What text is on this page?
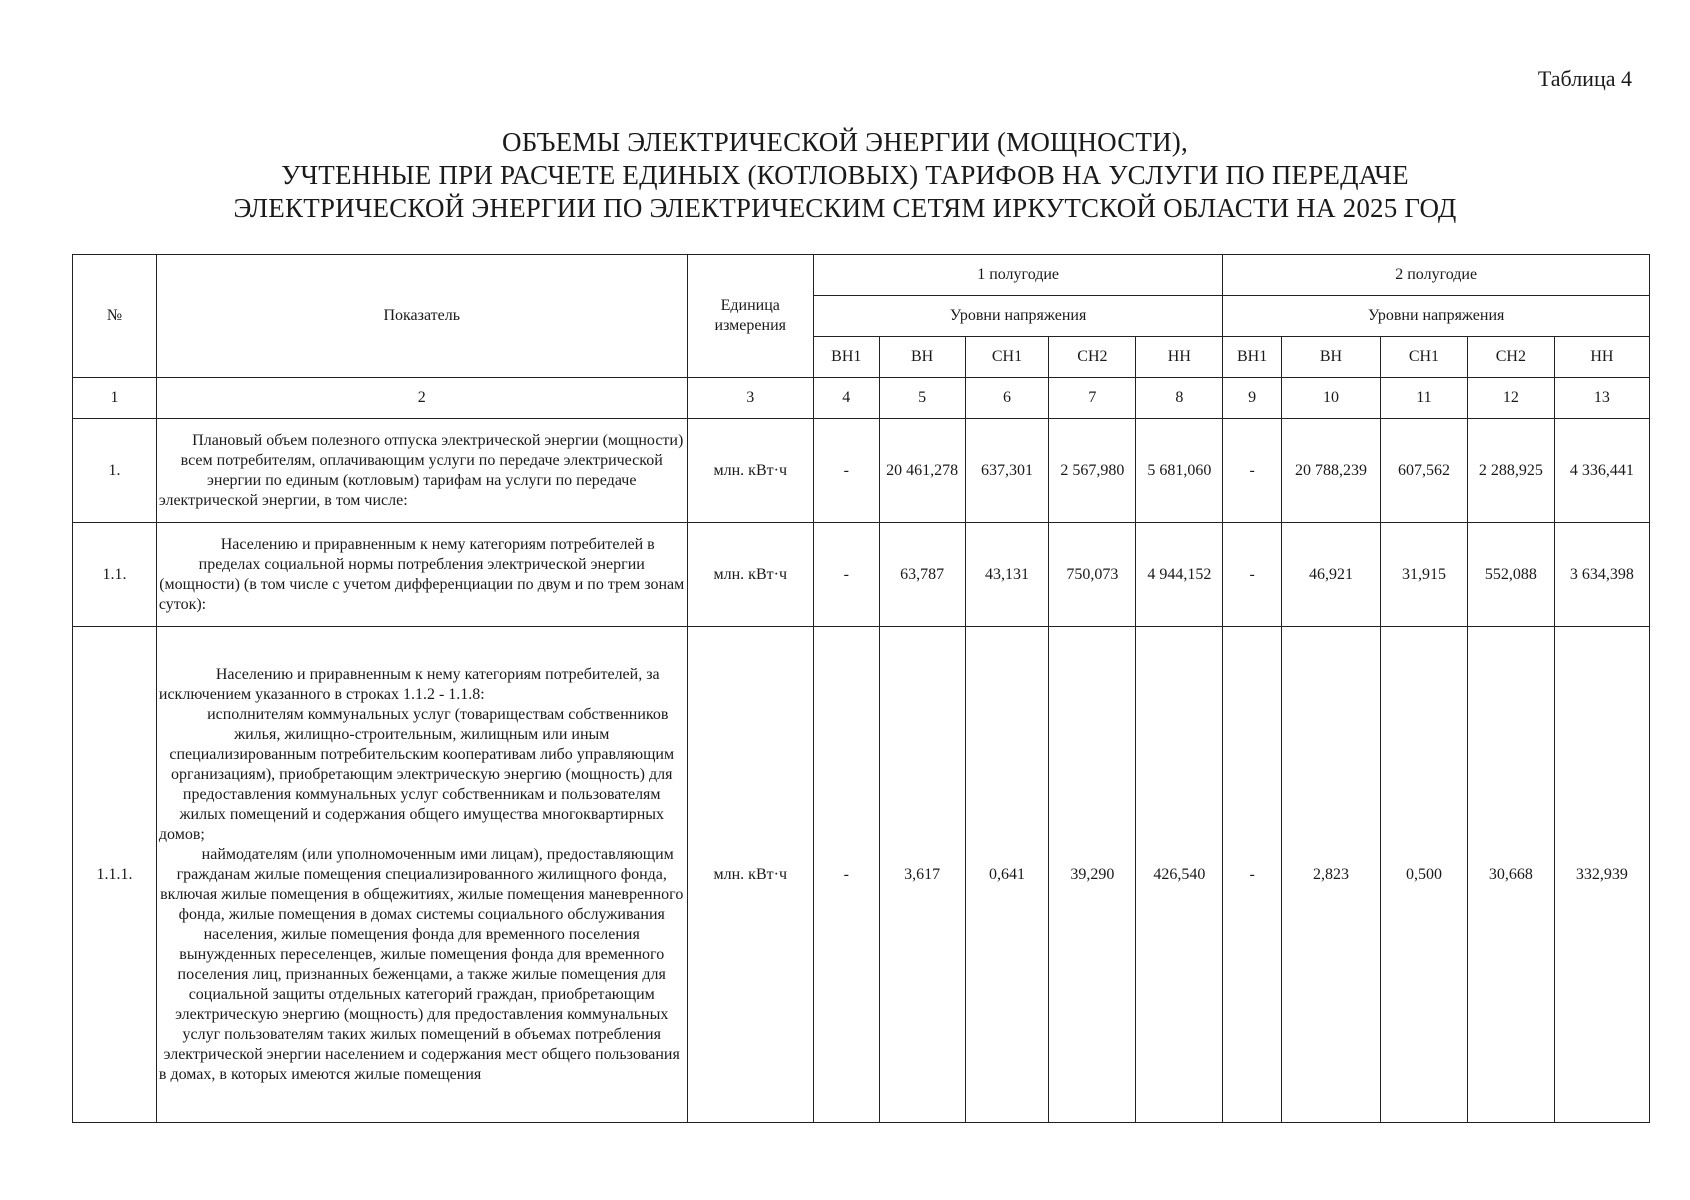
Таблица 4
ОБЪЕМЫ ЭЛЕКТРИЧЕСКОЙ ЭНЕРГИИ (МОЩНОСТИ),
УЧТЕННЫЕ ПРИ РАСЧЕТЕ ЕДИНЫХ (КОТЛОВЫХ) ТАРИФОВ НА УСЛУГИ ПО ПЕРЕДАЧЕ
ЭЛЕКТРИЧЕСКОЙ ЭНЕРГИИ ПО ЭЛЕКТРИЧЕСКИМ СЕТЯМ ИРКУТСКОЙ ОБЛАСТИ НА 2025 ГОД
№	Показатель	Единица измерения	1 полугодие					2 полугодие				
			Уровни напряжения					Уровни напряжения				
			ВН1	ВН	СН1	СН2	НН	ВН1	ВН	СН1	СН2	НН
1	2	3	4	5	6	7	8	9	10	11	12	13
1.	Плановый объем полезного отпуска электрической энергии (мощности) всем потребителям, оплачивающим услуги по передаче электрической энергии по единым (котловым) тарифам на услуги по передаче электрической энергии, в том числе:	млн. кВт·ч	-	20 461,278	637,301	2 567,980	5 681,060	-	20 788,239	607,562	2 288,925	4 336,441
1.1.	Населению и приравненным к нему категориям потребителей в пределах социальной нормы потребления электрической энергии (мощности) (в том числе с учетом дифференциации по двум и по трем зонам суток):	млн. кВт·ч	-	63,787	43,131	750,073	4 944,152	-	46,921	31,915	552,088	3 634,398
1.1.1.	Населению и приравненным к нему категориям потребителей, за исключением указанного в строках 1.1.2 - 1.1.8:

исполнителям коммунальных услуг (товариществам собственников жилья, жилищно-строительным, жилищным или иным специализированным потребительским кооперативам либо управляющим организациям), приобретающим электрическую энергию (мощность) для предоставления коммунальных услуг собственникам и пользователям жилых помещений и содержания общего имущества многоквартирных домов;

наймодателям (или уполномоченным ими лицам), предоставляющим гражданам жилые помещения специализированного жилищного фонда, включая жилые помещения в общежитиях, жилые помещения маневренного фонда, жилые помещения в домах системы социального обслуживания населения, жилые помещения фонда для временного поселения вынужденных переселенцев, жилые помещения фонда для временного поселения лиц, признанных беженцами, а также жилые помещения для социальной защиты отдельных категорий граждан, приобретающим электрическую энергию (мощность) для предоставления коммунальных услуг пользователям таких жилых помещений в объемах потребления электрической энергии населением и содержания мест общего пользования в домах, в которых имеются жилые помещения	млн. кВт·ч	-	3,617	0,641	39,290	426,540	-	2,823	0,500	30,668	332,939
